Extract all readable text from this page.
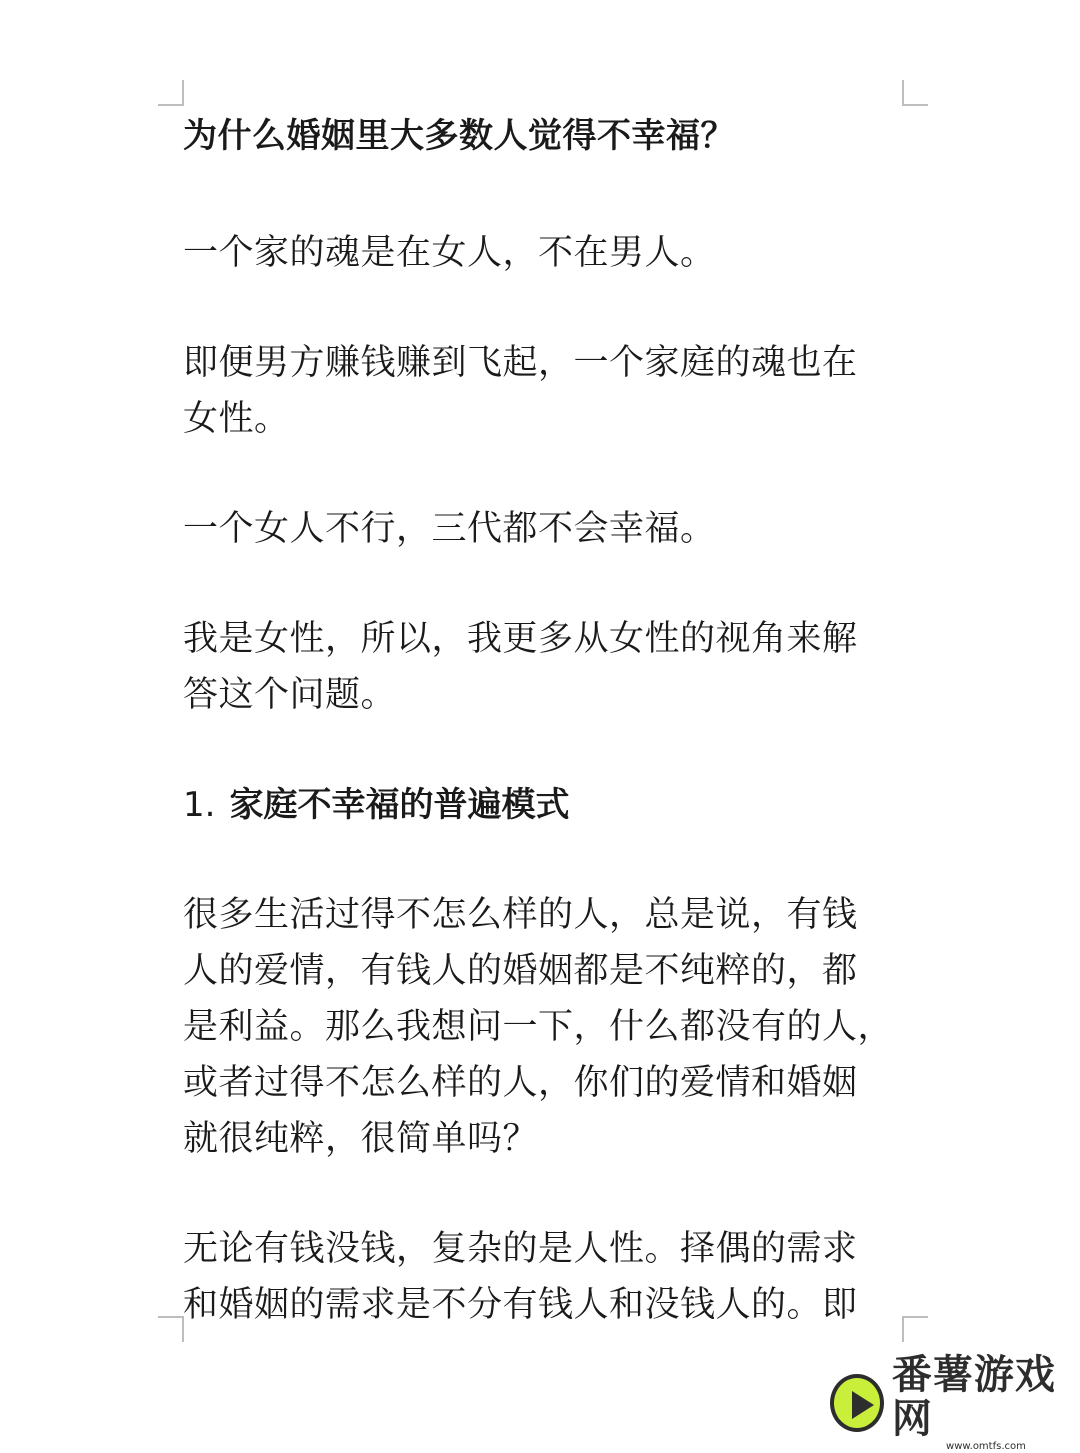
为什么婚姻里大多数人觉得不幸福？

一个家的魂是在女人，不在男人。

即便男方赚钱赚到飞起，一个家庭的魂也在
女性。

一个女人不行，三代都不会幸福。

我是女性，所以，我更多从女性的视角来解
答这个问题。

1. 家庭不幸福的普遍模式

很多生活过得不怎么样的人，总是说，有钱
人的爱情，有钱人的婚姻都是不纯粹的，都
是利益。那么我想问一下，什么都没有的人，
或者过得不怎么样的人，你们的爱情和婚姻
就很纯粹，很简单吗？

无论有钱没钱，复杂的是人性。择偶的需求
和婚姻的需求是不分有钱人和没钱人的。即

番薯游戏网
www.omtfs.com
